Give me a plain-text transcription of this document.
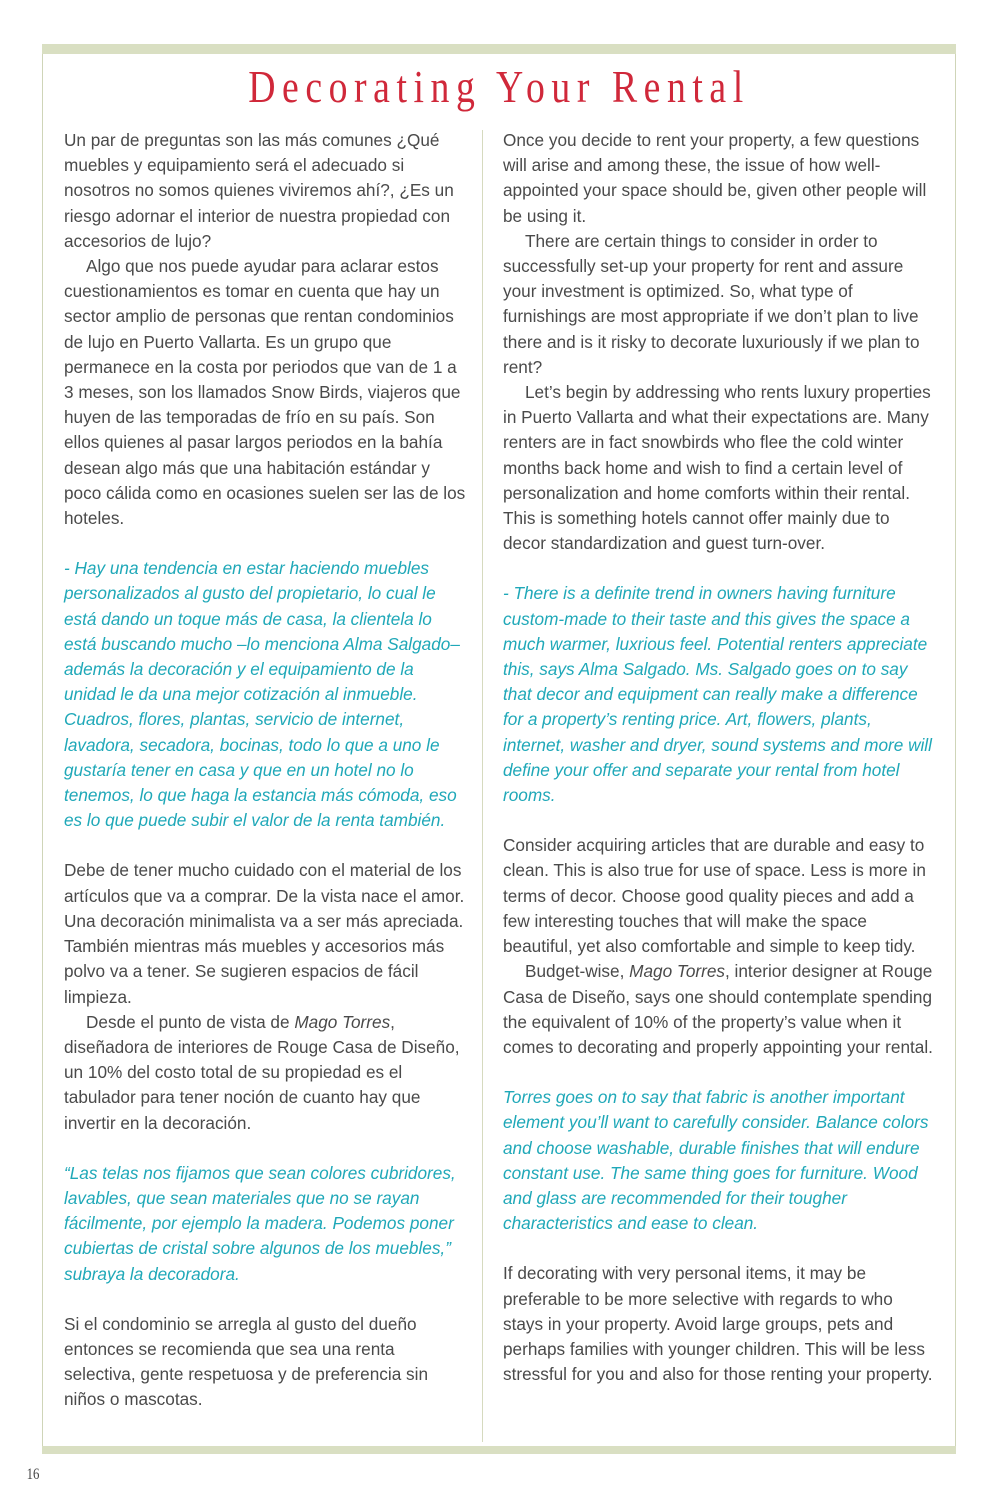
Decorating Your Rental

Un par de preguntas son las más comunes ¿Qué muebles y equipamiento será el adecuado si nosotros no somos quienes viviremos ahí?, ¿Es un riesgo adornar el interior de nuestra propiedad con accesorios de lujo?

Algo que nos puede ayudar para aclarar estos cuestionamientos es tomar en cuenta que hay un sector amplio de personas que rentan condominios de lujo en Puerto Vallarta. Es un grupo que permanece en la costa por periodos que van de 1 a 3 meses, son los llamados Snow Birds, viajeros que huyen de las temporadas de frío en su país. Son ellos quienes al pasar largos periodos en la bahía desean algo más que una habitación estándar y poco cálida como en ocasiones suelen ser las de los hoteles.

- Hay una tendencia en estar haciendo muebles personalizados al gusto del propietario, lo cual le está dando un toque más de casa, la clientela lo está buscando mucho –lo menciona Alma Salgado– además la decoración y el equipamiento de la unidad le da una mejor cotización al inmueble. Cuadros, flores, plantas, servicio de internet, lavadora, secadora, bocinas, todo lo que a uno le gustaría tener en casa y que en un hotel no lo tenemos, lo que haga la estancia más cómoda, eso es lo que puede subir el valor de la renta también.

Debe de tener mucho cuidado con el material de los artículos que va a comprar. De la vista nace el amor. Una decoración minimalista va a ser más apreciada. También mientras más muebles y accesorios más polvo va a tener. Se sugieren espacios de fácil limpieza.

Desde el punto de vista de Mago Torres, diseñadora de interiores de Rouge Casa de Diseño, un 10% del costo total de su propiedad es el tabulador para tener noción de cuanto hay que invertir en la decoración.

“Las telas nos fijamos que sean colores cubridores, lavables, que sean materiales que no se rayan fácilmente, por ejemplo la madera. Podemos poner cubiertas de cristal sobre algunos de los muebles,” subraya la decoradora.

Si el condominio se arregla al gusto del dueño entonces se recomienda que sea una renta selectiva, gente respetuosa y de preferencia sin niños o mascotas.

Once you decide to rent your property, a few questions will arise and among these, the issue of how well-appointed your space should be, given other people will be using it.

There are certain things to consider in order to successfully set-up your property for rent and assure your investment is optimized. So, what type of furnishings are most appropriate if we don’t plan to live there and is it risky to decorate luxuriously if we plan to rent?

Let’s begin by addressing who rents luxury properties in Puerto Vallarta and what their expectations are. Many renters are in fact snowbirds who flee the cold winter months back home and wish to find a certain level of personalization and home comforts within their rental. This is something hotels cannot offer mainly due to decor standardization and guest turn-over.

- There is a definite trend in owners having furniture custom-made to their taste and this gives the space a much warmer, luxrious feel. Potential renters appreciate this, says Alma Salgado. Ms. Salgado goes on to say that decor and equipment can really make a difference for a property’s renting price. Art, flowers, plants, internet, washer and dryer, sound systems and more will define your offer and separate your rental from hotel rooms.

Consider acquiring articles that are durable and easy to clean. This is also true for use of space. Less is more in terms of decor. Choose good quality pieces and add a few interesting touches that will make the space beautiful, yet also comfortable and simple to keep tidy.

Budget-wise, Mago Torres, interior designer at Rouge Casa de Diseño, says one should contemplate spending the equivalent of 10% of the property’s value when it comes to decorating and properly appointing your rental.

Torres goes on to say that fabric is another important element you’ll want to carefully consider. Balance colors and choose washable, durable finishes that will endure constant use. The same thing goes for furniture. Wood and glass are recommended for their tougher characteristics and ease to clean.

If decorating with very personal items, it may be preferable to be more selective with regards to who stays in your property. Avoid large groups, pets and perhaps families with younger children. This will be less stressful for you and also for those renting your property.

16
